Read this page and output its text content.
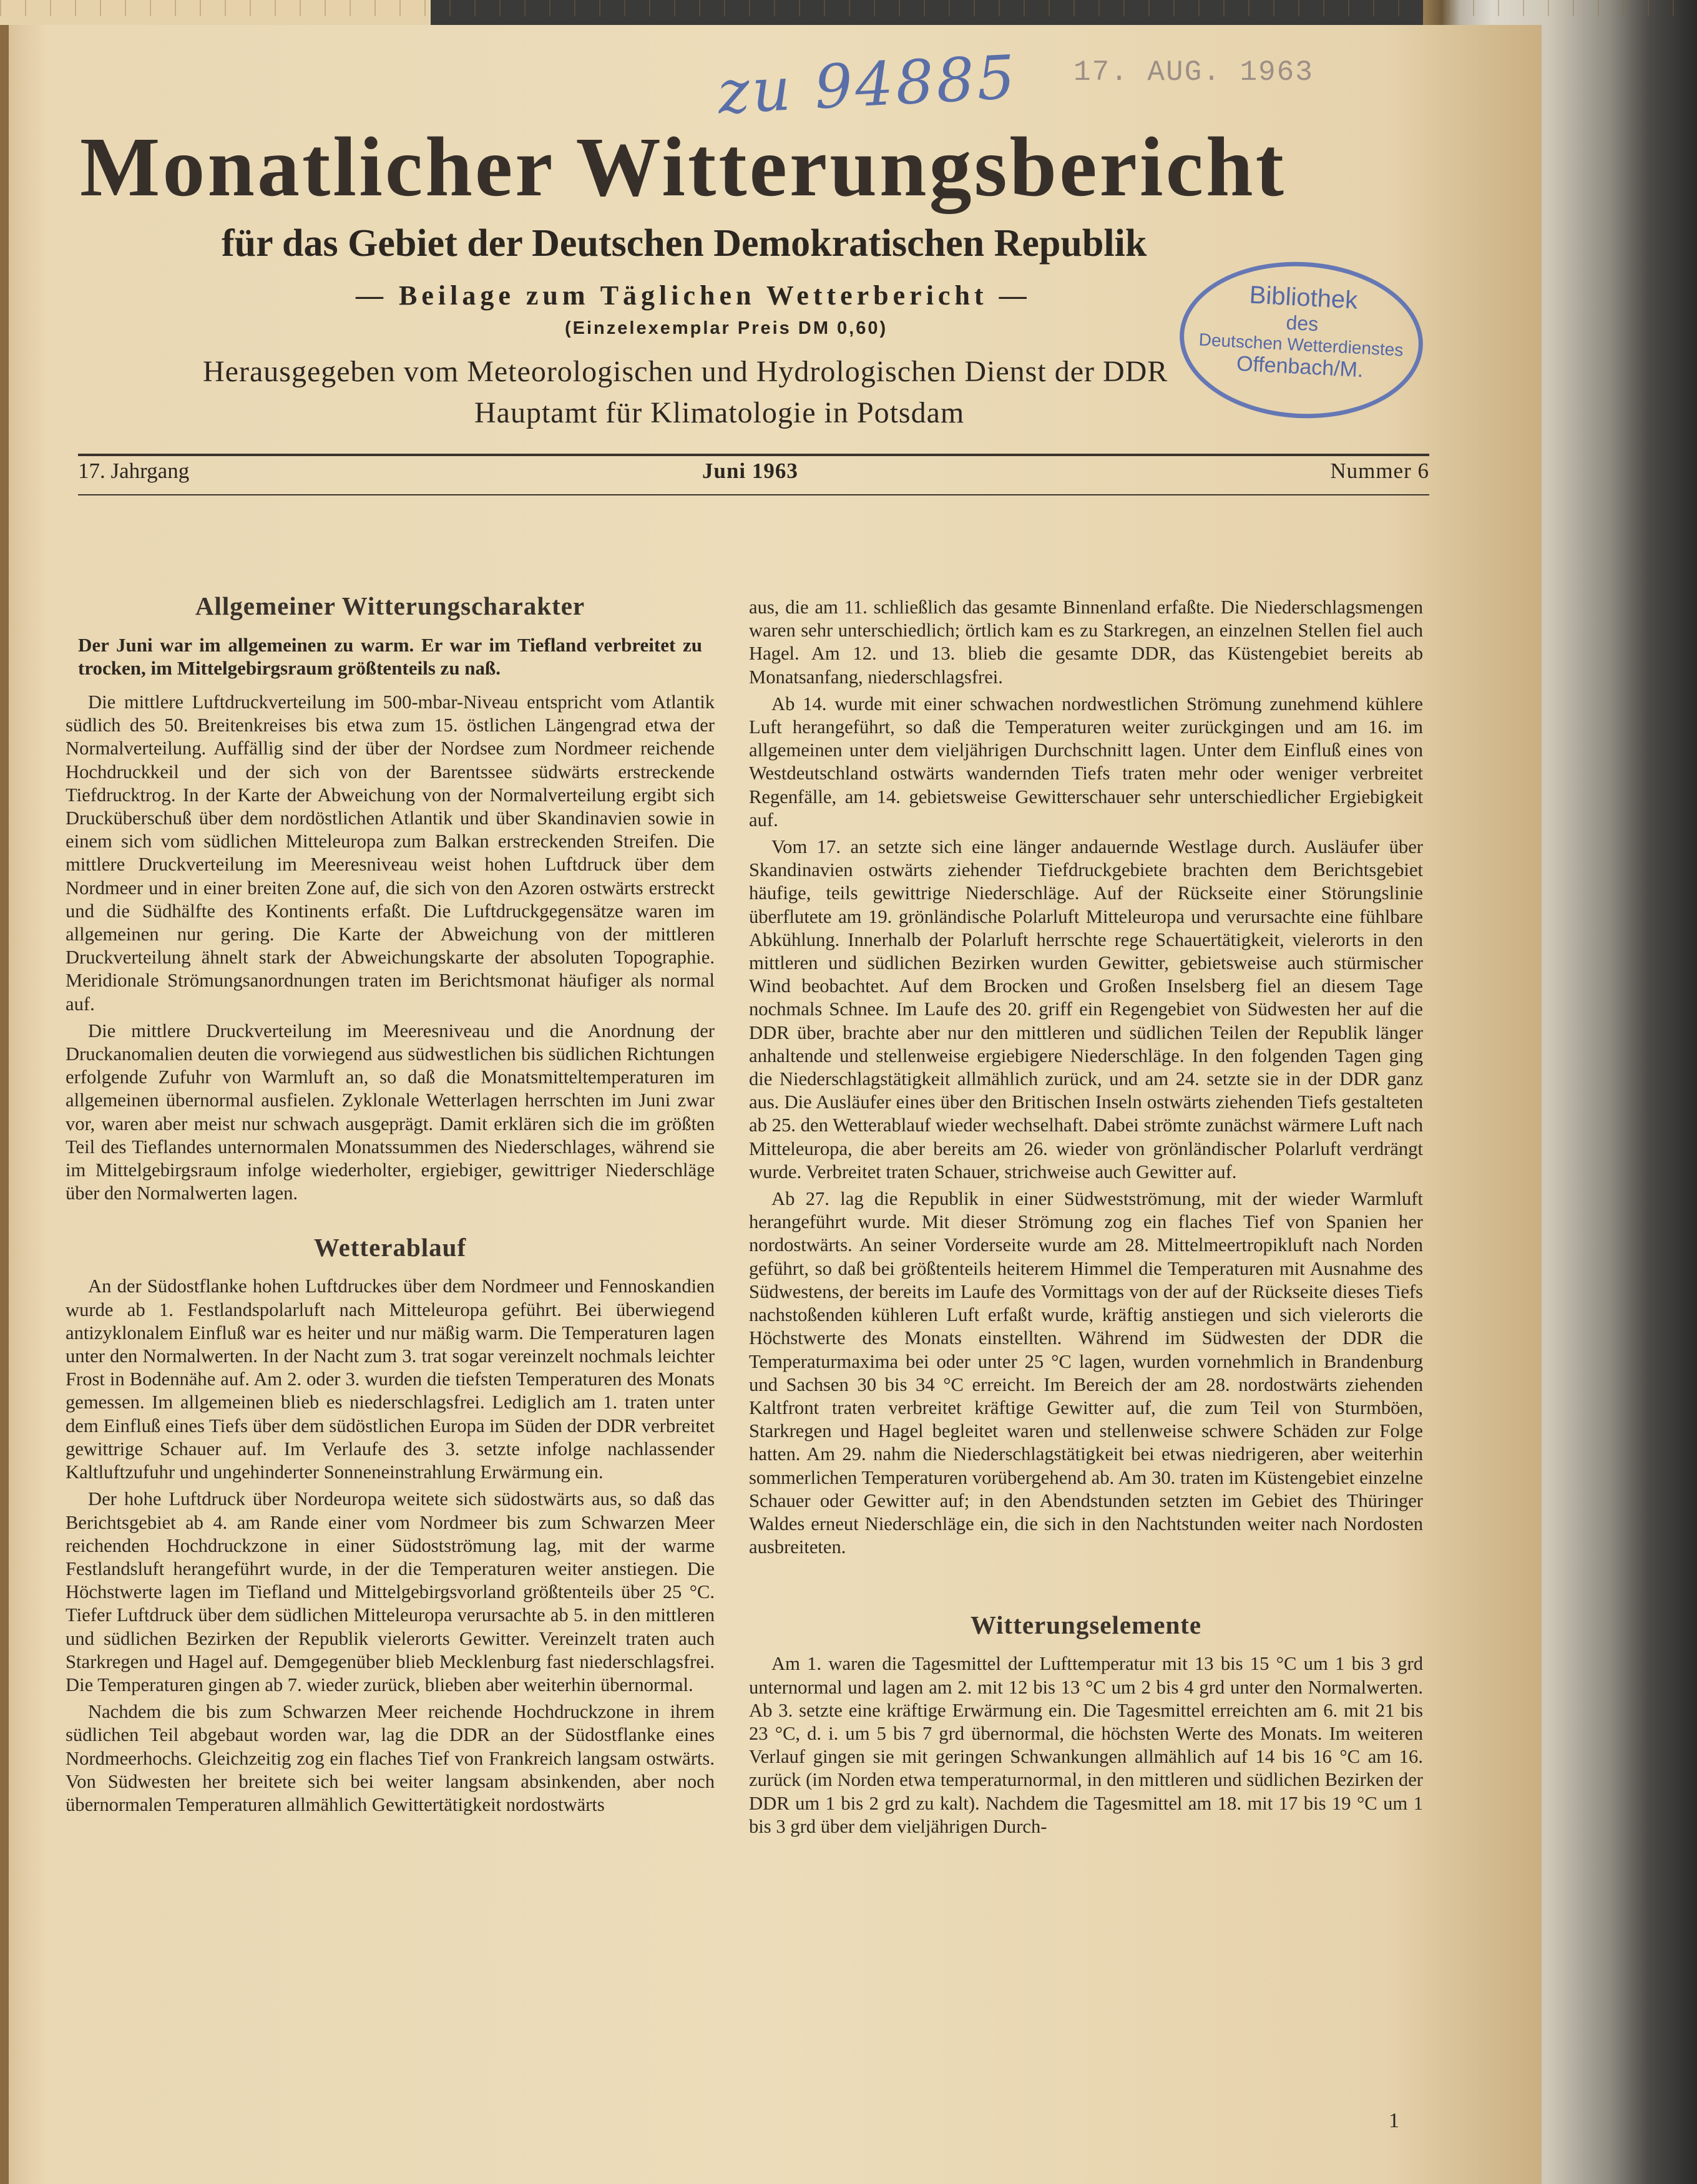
zu 94885 17. AUG. 1963
Bibliothek
des
Deutschen Wetterdienstes
Offenbach/M.
Monatlicher Witterungsbericht
für das Gebiet der Deutschen Demokratischen Republik
— Beilage zum Täglichen Wetterbericht —
(Einzelexemplar Preis DM 0,60)
Herausgegeben vom Meteorologischen und Hydrologischen Dienst der DDR
Hauptamt für Klimatologie in Potsdam
17. Jahrgang	Juni 1963	Nummer 6
Allgemeiner Witterungscharakter

Der Juni war im allgemeinen zu warm. Er war im Tiefland verbreitet zu trocken, im Mittelgebirgsraum größtenteils zu naß.

Die mittlere Luftdruckverteilung im 500-mbar-Niveau entspricht vom Atlantik südlich des 50. Breitenkreises bis etwa zum 15. östlichen Längengrad etwa der Normalverteilung. Auffällig sind der über der Nordsee zum Nordmeer reichende Hochdruckkeil und der sich von der Barentssee südwärts erstreckende Tiefdrucktrog. In der Karte der Abweichung von der Normalverteilung ergibt sich Drucküberschuß über dem nordöstlichen Atlantik und über Skandinavien sowie in einem sich vom südlichen Mitteleuropa zum Balkan erstreckenden Streifen. Die mittlere Druckverteilung im Meeresniveau weist hohen Luftdruck über dem Nordmeer und in einer breiten Zone auf, die sich von den Azoren ostwärts erstreckt und die Südhälfte des Kontinents erfaßt. Die Luftdruckgegensätze waren im allgemeinen nur gering. Die Karte der Abweichung von der mittleren Druckverteilung ähnelt stark der Abweichungskarte der absoluten Topographie. Meridionale Strömungsanordnungen traten im Berichtsmonat häufiger als normal auf.

Die mittlere Druckverteilung im Meeresniveau und die Anordnung der Druckanomalien deuten die vorwiegend aus südwestlichen bis südlichen Richtungen erfolgende Zufuhr von Warmluft an, so daß die Monatsmitteltemperaturen im allgemeinen übernormal ausfielen. Zyklonale Wetterlagen herrschten im Juni zwar vor, waren aber meist nur schwach ausgeprägt. Damit erklären sich die im größten Teil des Tieflandes unternormalen Monatssummen des Niederschlages, während sie im Mittelgebirgsraum infolge wiederholter, ergiebiger, gewittriger Niederschläge über den Normalwerten lagen.

Wetterablauf

An der Südostflanke hohen Luftdruckes über dem Nordmeer und Fennoskandien wurde ab 1. Festlandspolarluft nach Mitteleuropa geführt. Bei überwiegend antizyklonalem Einfluß war es heiter und nur mäßig warm. Die Temperaturen lagen unter den Normalwerten. In der Nacht zum 3. trat sogar vereinzelt nochmals leichter Frost in Bodennähe auf. Am 2. oder 3. wurden die tiefsten Temperaturen des Monats gemessen. Im allgemeinen blieb es niederschlagsfrei. Lediglich am 1. traten unter dem Einfluß eines Tiefs über dem südöstlichen Europa im Süden der DDR verbreitet gewittrige Schauer auf. Im Verlaufe des 3. setzte infolge nachlassender Kaltluftzufuhr und ungehinderter Sonneneinstrahlung Erwärmung ein.

Der hohe Luftdruck über Nordeuropa weitete sich südostwärts aus, so daß das Berichtsgebiet ab 4. am Rande einer vom Nordmeer bis zum Schwarzen Meer reichenden Hochdruckzone in einer Südostströmung lag, mit der warme Festlandsluft herangeführt wurde, in der die Temperaturen weiter anstiegen. Die Höchstwerte lagen im Tiefland und Mittelgebirgsvorland größtenteils über 25 °C. Tiefer Luftdruck über dem südlichen Mitteleuropa verursachte ab 5. in den mittleren und südlichen Bezirken der Republik vielerorts Gewitter. Vereinzelt traten auch Starkregen und Hagel auf. Demgegenüber blieb Mecklenburg fast niederschlagsfrei. Die Temperaturen gingen ab 7. wieder zurück, blieben aber weiterhin übernormal.

Nachdem die bis zum Schwarzen Meer reichende Hochdruckzone in ihrem südlichen Teil abgebaut worden war, lag die DDR an der Südostflanke eines Nordmeerhochs. Gleichzeitig zog ein flaches Tief von Frankreich langsam ostwärts. Von Südwesten her breitete sich bei weiter langsam absinkenden, aber noch übernormalen Temperaturen allmählich Gewittertätigkeit nordostwärts

aus, die am 11. schließlich das gesamte Binnenland erfaßte. Die Niederschlagsmengen waren sehr unterschiedlich; örtlich kam es zu Starkregen, an einzelnen Stellen fiel auch Hagel. Am 12. und 13. blieb die gesamte DDR, das Küstengebiet bereits ab Monatsanfang, niederschlagsfrei.

Ab 14. wurde mit einer schwachen nordwestlichen Strömung zunehmend kühlere Luft herangeführt, so daß die Temperaturen weiter zurückgingen und am 16. im allgemeinen unter dem vieljährigen Durchschnitt lagen. Unter dem Einfluß eines von Westdeutschland ostwärts wandernden Tiefs traten mehr oder weniger verbreitet Regenfälle, am 14. gebietsweise Gewitterschauer sehr unterschiedlicher Ergiebigkeit auf.

Vom 17. an setzte sich eine länger andauernde Westlage durch. Ausläufer über Skandinavien ostwärts ziehender Tiefdruckgebiete brachten dem Berichtsgebiet häufige, teils gewittrige Niederschläge. Auf der Rückseite einer Störungslinie überflutete am 19. grönländische Polarluft Mitteleuropa und verursachte eine fühlbare Abkühlung. Innerhalb der Polarluft herrschte rege Schauertätigkeit, vielerorts in den mittleren und südlichen Bezirken wurden Gewitter, gebietsweise auch stürmischer Wind beobachtet. Auf dem Brocken und Großen Inselsberg fiel an diesem Tage nochmals Schnee. Im Laufe des 20. griff ein Regengebiet von Südwesten her auf die DDR über, brachte aber nur den mittleren und südlichen Teilen der Republik länger anhaltende und stellenweise ergiebigere Niederschläge. In den folgenden Tagen ging die Niederschlagstätigkeit allmählich zurück, und am 24. setzte sie in der DDR ganz aus. Die Ausläufer eines über den Britischen Inseln ostwärts ziehenden Tiefs gestalteten ab 25. den Wetterablauf wieder wechselhaft. Dabei strömte zunächst wärmere Luft nach Mitteleuropa, die aber bereits am 26. wieder von grönländischer Polarluft verdrängt wurde. Verbreitet traten Schauer, strichweise auch Gewitter auf.

Ab 27. lag die Republik in einer Südwestströmung, mit der wieder Warmluft herangeführt wurde. Mit dieser Strömung zog ein flaches Tief von Spanien her nordostwärts. An seiner Vorderseite wurde am 28. Mittelmeertropikluft nach Norden geführt, so daß bei größtenteils heiterem Himmel die Temperaturen mit Ausnahme des Südwestens, der bereits im Laufe des Vormittags von der auf der Rückseite dieses Tiefs nachstoßenden kühleren Luft erfaßt wurde, kräftig anstiegen und sich vielerorts die Höchstwerte des Monats einstellten. Während im Südwesten der DDR die Temperaturmaxima bei oder unter 25 °C lagen, wurden vornehmlich in Brandenburg und Sachsen 30 bis 34 °C erreicht. Im Bereich der am 28. nordostwärts ziehenden Kaltfront traten verbreitet kräftige Gewitter auf, die zum Teil von Sturmböen, Starkregen und Hagel begleitet waren und stellenweise schwere Schäden zur Folge hatten. Am 29. nahm die Niederschlagstätigkeit bei etwas niedrigeren, aber weiterhin sommerlichen Temperaturen vorübergehend ab. Am 30. traten im Küstengebiet einzelne Schauer oder Gewitter auf; in den Abendstunden setzten im Gebiet des Thüringer Waldes erneut Niederschläge ein, die sich in den Nachtstunden weiter nach Nordosten ausbreiteten.

Witterungselemente

Am 1. waren die Tagesmittel der Lufttemperatur mit 13 bis 15 °C um 1 bis 3 grd unternormal und lagen am 2. mit 12 bis 13 °C um 2 bis 4 grd unter den Normalwerten. Ab 3. setzte eine kräftige Erwärmung ein. Die Tagesmittel erreichten am 6. mit 21 bis 23 °C, d. i. um 5 bis 7 grd übernormal, die höchsten Werte des Monats. Im weiteren Verlauf gingen sie mit geringen Schwankungen allmählich auf 14 bis 16 °C am 16. zurück (im Norden etwa temperaturnormal, in den mittleren und südlichen Bezirken der DDR um 1 bis 2 grd zu kalt). Nachdem die Tagesmittel am 18. mit 17 bis 19 °C um 1 bis 3 grd über dem vieljährigen Durch-

1
